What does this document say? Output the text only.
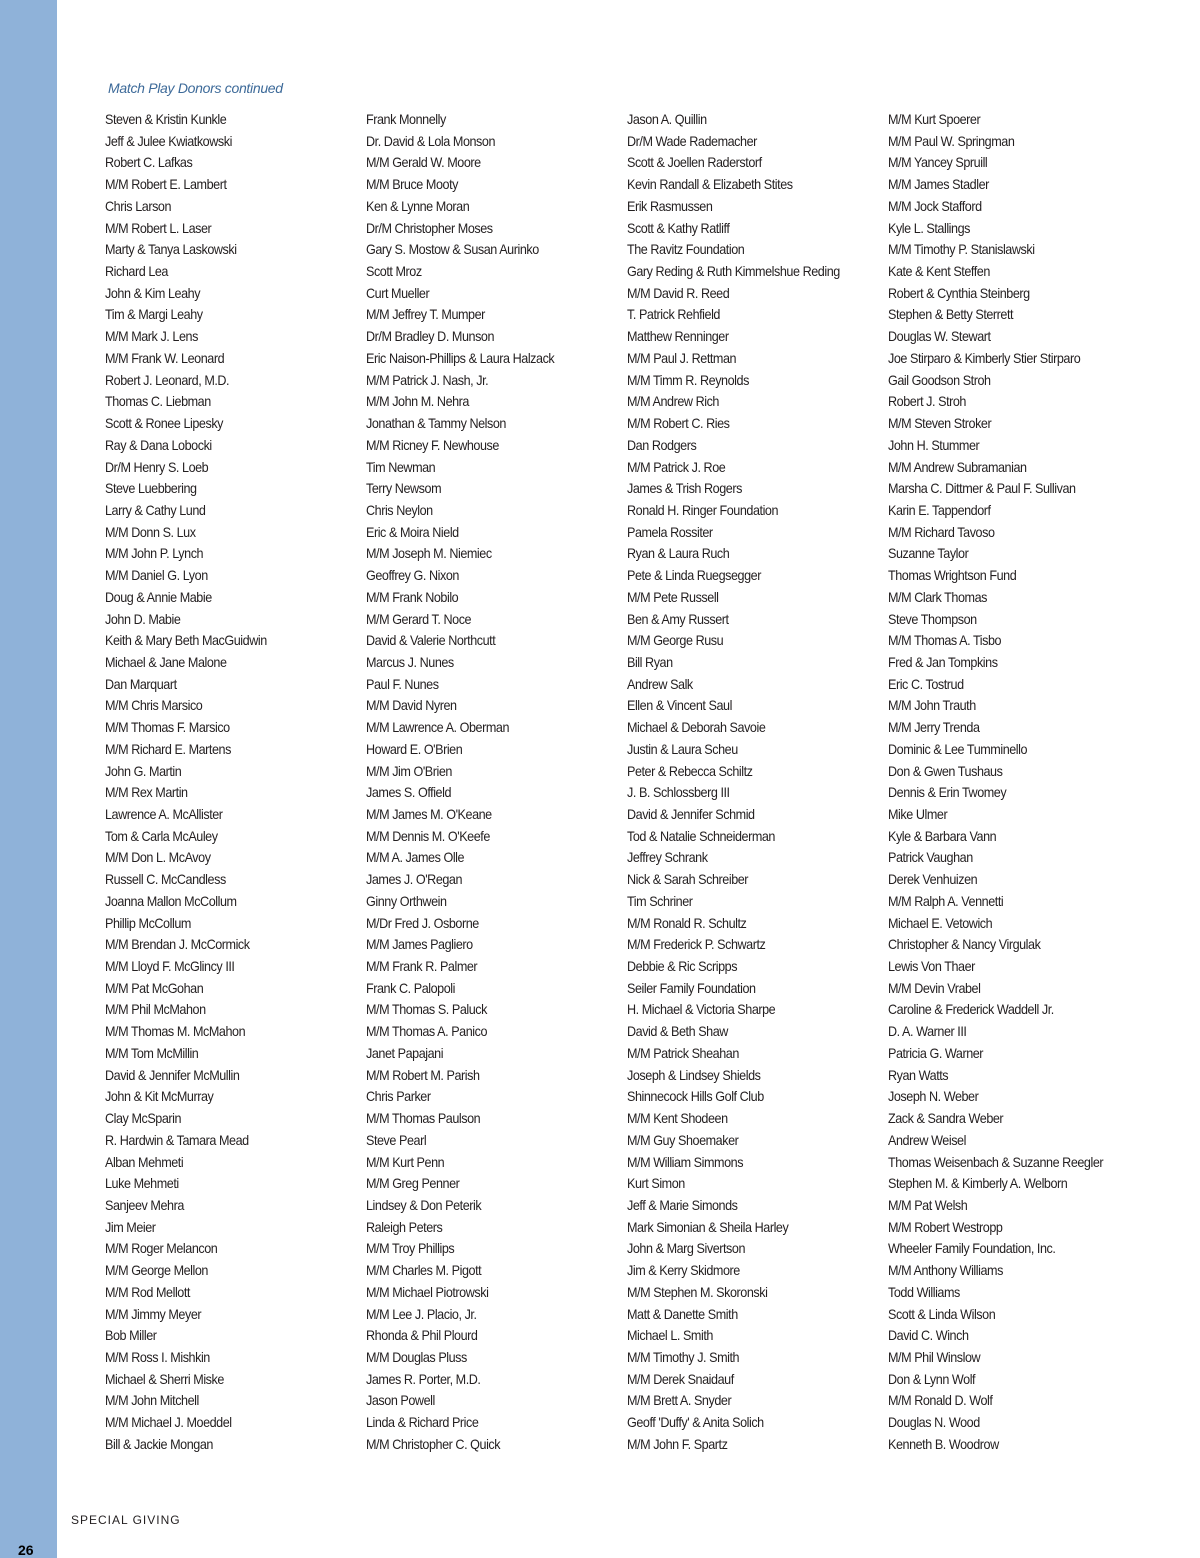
Match Play Donors continued
Steven & Kristin Kunkle
Jeff & Julee Kwiatkowski
Robert C. Lafkas
M/M Robert E. Lambert
Chris Larson
M/M Robert L. Laser
Marty & Tanya Laskowski
Richard Lea
John & Kim Leahy
Tim & Margi Leahy
M/M Mark J. Lens
M/M Frank W. Leonard
Robert J. Leonard, M.D.
Thomas C. Liebman
Scott & Ronee Lipesky
Ray & Dana Lobocki
Dr/M Henry S. Loeb
Steve Luebbering
Larry & Cathy Lund
M/M Donn S. Lux
M/M John P. Lynch
M/M Daniel G. Lyon
Doug & Annie Mabie
John D. Mabie
Keith & Mary Beth MacGuidwin
Michael & Jane Malone
Dan Marquart
M/M Chris Marsico
M/M Thomas F. Marsico
M/M Richard E. Martens
John G. Martin
M/M Rex Martin
Lawrence A. McAllister
Tom & Carla McAuley
M/M Don L. McAvoy
Russell C. McCandless
Joanna Mallon McCollum
Phillip McCollum
M/M Brendan J. McCormick
M/M Lloyd F. McGlincy III
M/M Pat McGohan
M/M Phil McMahon
M/M Thomas M. McMahon
M/M Tom McMillin
David & Jennifer McMullin
John & Kit McMurray
Clay McSparin
R. Hardwin & Tamara Mead
Alban Mehmeti
Luke Mehmeti
Sanjeev Mehra
Jim Meier
M/M Roger Melancon
M/M George Mellon
M/M Rod Mellott
M/M Jimmy Meyer
Bob Miller
M/M Ross I. Mishkin
Michael & Sherri Miske
M/M John Mitchell
M/M Michael J. Moeddel
Bill & Jackie Mongan
Frank Monnelly
Dr. David & Lola Monson
M/M Gerald W. Moore
M/M Bruce Mooty
Ken & Lynne Moran
Dr/M Christopher Moses
Gary S. Mostow & Susan Aurinko
Scott Mroz
Curt Mueller
M/M Jeffrey T. Mumper
Dr/M Bradley D. Munson
Eric Naison-Phillips & Laura Halzack
M/M Patrick J. Nash, Jr.
M/M John M. Nehra
Jonathan & Tammy Nelson
M/M Ricney F. Newhouse
Tim Newman
Terry Newsom
Chris Neylon
Eric & Moira Nield
M/M Joseph M. Niemiec
Geoffrey G. Nixon
M/M Frank Nobilo
M/M Gerard T. Noce
David & Valerie Northcutt
Marcus J. Nunes
Paul F. Nunes
M/M David Nyren
M/M Lawrence A. Oberman
Howard E. O'Brien
M/M Jim O'Brien
James S. Offield
M/M James M. O'Keane
M/M Dennis M. O'Keefe
M/M A. James Olle
James J. O'Regan
Ginny Orthwein
M/Dr Fred J. Osborne
M/M James Pagliero
M/M Frank R. Palmer
Frank C. Palopoli
M/M Thomas S. Paluck
M/M Thomas A. Panico
Janet Papajani
M/M Robert M. Parish
Chris Parker
M/M Thomas Paulson
Steve Pearl
M/M Kurt Penn
M/M Greg Penner
Lindsey & Don Peterik
Raleigh Peters
M/M Troy Phillips
M/M Charles M. Pigott
M/M Michael Piotrowski
M/M Lee J. Placio, Jr.
Rhonda & Phil Plourd
M/M Douglas Pluss
James R. Porter, M.D.
Jason Powell
Linda & Richard Price
M/M Christopher C. Quick
Jason A. Quillin
Dr/M Wade Rademacher
Scott & Joellen Raderstorf
Kevin Randall & Elizabeth Stites
Erik Rasmussen
Scott & Kathy Ratliff
The Ravitz Foundation
Gary Reding & Ruth Kimmelshue Reding
M/M David R. Reed
T. Patrick Rehfield
Matthew Renninger
M/M Paul J. Rettman
M/M Timm R. Reynolds
M/M Andrew Rich
M/M Robert C. Ries
Dan Rodgers
M/M Patrick J. Roe
James & Trish Rogers
Ronald H. Ringer Foundation
Pamela Rossiter
Ryan & Laura Ruch
Pete & Linda Ruegsegger
M/M Pete Russell
Ben & Amy Russert
M/M George Rusu
Bill Ryan
Andrew Salk
Ellen & Vincent Saul
Michael & Deborah Savoie
Justin & Laura Scheu
Peter & Rebecca Schiltz
J. B. Schlossberg III
David & Jennifer Schmid
Tod & Natalie Schneiderman
Jeffrey Schrank
Nick & Sarah Schreiber
Tim Schriner
M/M Ronald R. Schultz
M/M Frederick P. Schwartz
Debbie & Ric Scripps
Seiler Family Foundation
H. Michael & Victoria Sharpe
David & Beth Shaw
M/M Patrick Sheahan
Joseph & Lindsey Shields
Shinnecock Hills Golf Club
M/M Kent Shodeen
M/M Guy Shoemaker
M/M William Simmons
Kurt Simon
Jeff & Marie Simonds
Mark Simonian & Sheila Harley
John & Marg Sivertson
Jim & Kerry Skidmore
M/M Stephen M. Skoronski
Matt & Danette Smith
Michael L. Smith
M/M Timothy J. Smith
M/M Derek Snaidauf
M/M Brett A. Snyder
Geoff 'Duffy' & Anita Solich
M/M John F. Spartz
M/M Kurt Spoerer
M/M Paul W. Springman
M/M Yancey Spruill
M/M James Stadler
M/M Jock Stafford
Kyle L. Stallings
M/M Timothy P. Stanislawski
Kate & Kent Steffen
Robert & Cynthia Steinberg
Stephen & Betty Sterrett
Douglas W. Stewart
Joe Stirparo & Kimberly Stier Stirparo
Gail Goodson Stroh
Robert J. Stroh
M/M Steven Stroker
John H. Stummer
M/M Andrew Subramanian
Marsha C. Dittmer & Paul F. Sullivan
Karin E. Tappendorf
M/M Richard Tavoso
Suzanne Taylor
Thomas Wrightson Fund
M/M Clark Thomas
Steve Thompson
M/M Thomas A. Tisbo
Fred & Jan Tompkins
Eric C. Tostrud
M/M John Trauth
M/M Jerry Trenda
Dominic & Lee Tumminello
Don & Gwen Tushaus
Dennis & Erin Twomey
Mike Ulmer
Kyle & Barbara Vann
Patrick Vaughan
Derek Venhuizen
M/M Ralph A. Vennetti
Michael E. Vetowich
Christopher & Nancy Virgulak
Lewis Von Thaer
M/M Devin Vrabel
Caroline & Frederick Waddell Jr.
D. A. Warner III
Patricia G. Warner
Ryan Watts
Joseph N. Weber
Zack & Sandra Weber
Andrew Weisel
Thomas Weisenbach & Suzanne Reegler
Stephen M. & Kimberly A. Welborn
M/M Pat Welsh
M/M Robert Westropp
Wheeler Family Foundation, Inc.
M/M Anthony Williams
Todd Williams
Scott & Linda Wilson
David C. Winch
M/M Phil Winslow
Don & Lynn Wolf
M/M Ronald D. Wolf
Douglas N. Wood
Kenneth B. Woodrow
26
SPECIAL GIVING
